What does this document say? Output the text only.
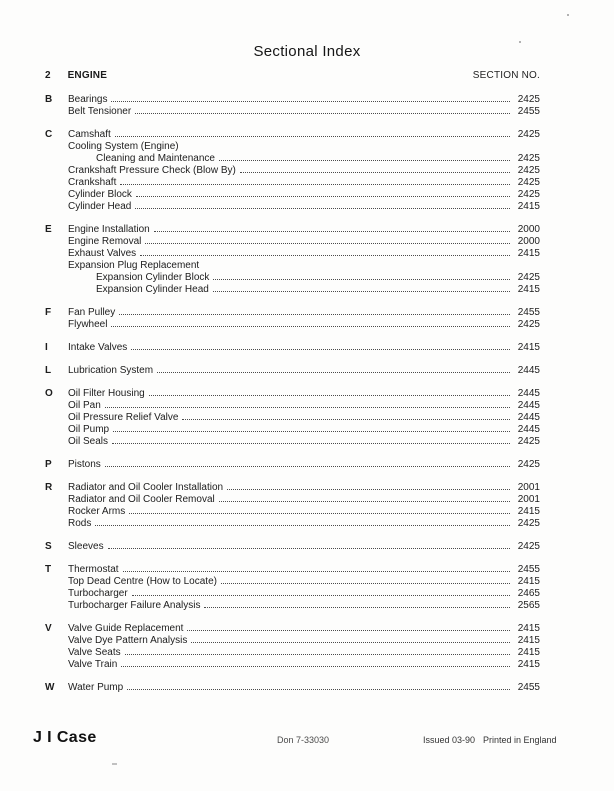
Sectional Index
2 ENGINE	SECTION NO.
B	Bearings	2425
Belt Tensioner	2455
C	Camshaft	2425
Cooling System (Engine)
Cleaning and Maintenance	2425
Crankshaft Pressure Check (Blow By)	2425
Crankshaft	2425
Cylinder Block	2425
Cylinder Head	2415
E	Engine Installation	2000
Engine Removal	2000
Exhaust Valves	2415
Expansion Plug Replacement
Expansion Cylinder Block	2425
Expansion Cylinder Head	2415
F	Fan Pulley	2455
Flywheel	2425
I	Intake Valves	2415
L	Lubrication System	2445
O	Oil Filter Housing	2445
Oil Pan	2445
Oil Pressure Relief Valve	2445
Oil Pump	2445
Oil Seals	2425
P	Pistons	2425
R	Radiator and Oil Cooler Installation	2001
Radiator and Oil Cooler Removal	2001
Rocker Arms	2415
Rods	2425
S	Sleeves	2425
T	Thermostat	2455
Top Dead Centre (How to Locate)	2415
Turbocharger	2465
Turbocharger Failure Analysis	2565
V	Valve Guide Replacement	2415
Valve Dye Pattern Analysis	2415
Valve Seats	2415
Valve Train	2415
W	Water Pump	2455
J I Case	Don 7-33030	Issued 03-90 Printed in England
